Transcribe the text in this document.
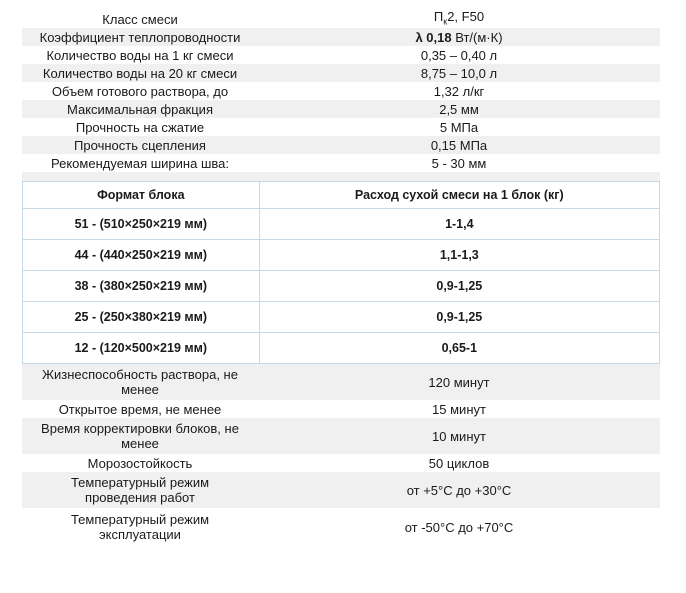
Класс смеси	$П_к2$, F50
Коэффициент теплопроводности	λ 0,18 Вт/(м·К)
Количество воды на 1 кг смеси	0,35 – 0,40 л
Количество воды на 20 кг смеси	8,75 – 10,0 л
Объем готового раствора, до	1,32 л/кг
Максимальная фракция	2,5 мм
Прочность на сжатие	5 МПа
Прочность сцепления	0,15 МПа
Рекомендуемая ширина шва:	5 - 30 мм
Формат блока	Расход сухой смеси на 1 блок (кг)
51 - (510×250×219 мм)	1-1,4
44 - (440×250×219 мм)	1,1-1,3
38 - (380×250×219 мм)	0,9-1,25
25 - (250×380×219 мм)	0,9-1,25
12 - (120×500×219 мм)	0,65-1
Жизнеспособность раствора, не
менее	120 минут
Открытое время, не менее	15 минут
Время корректировки блоков, не
менее	10 минут
Морозостойкость	50 циклов
Температурный режим
проведения работ	от +5°С до +30°С
Температурный режим
эксплуатации	от -50°С до +70°С
